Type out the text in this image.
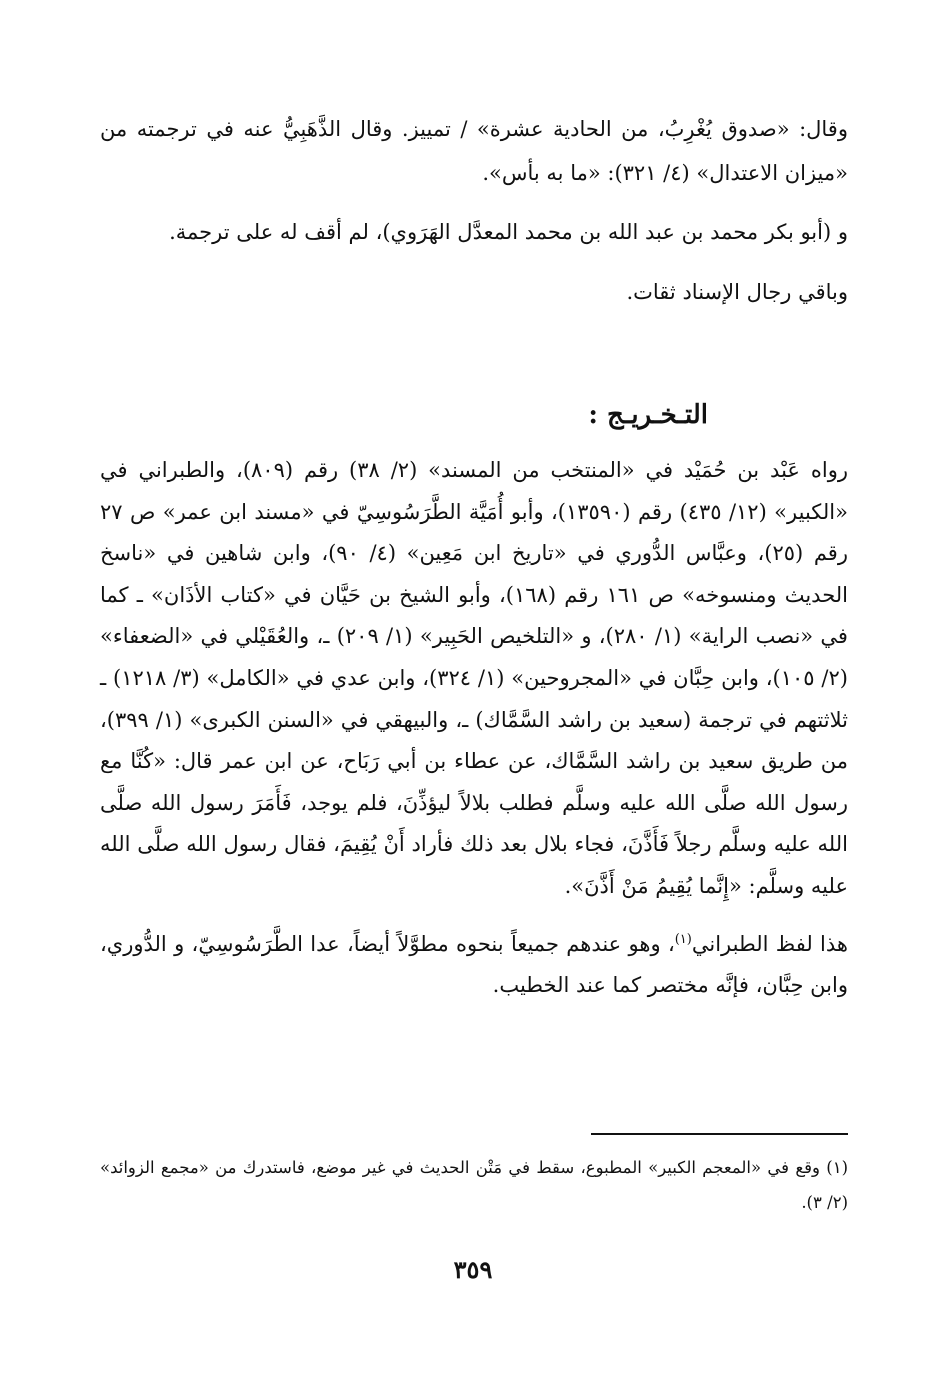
وقال: «صدوق يُغْرِبُ، من الحادية عشرة» / تمييز. وقال الذَّهَبِيُّ عنه في ترجمته من «ميزان الاعتدال» (٤/ ٣٢١): «ما به بأس».

و (أبو بكر محمد بن عبد الله بن محمد المعدَّل الهَرَوي)، لم أقف له على ترجمة.

وباقي رجال الإسناد ثقات.

التـخـريـج :

رواه عَبْد بن حُمَيْد في «المنتخب من المسند» (٢/ ٣٨) رقم (٨٠٩)، والطبراني في «الكبير» (١٢/ ٤٣٥) رقم (١٣٥٩٠)، وأبو أُمَيَّة الطَّرَسُوسِيّ في «مسند ابن عمر» ص ٢٧ رقم (٢٥)، وعبَّاس الدُّوري في «تاريخ ابن مَعِين» (٤/ ٩٠)، وابن شاهين في «ناسخ الحديث ومنسوخه» ص ١٦١ رقم (١٦٨)، وأبو الشيخ بن حَيَّان في «كتاب الأذَان» ـ كما في «نصب الراية» (١/ ٢٨٠)، و «التلخيص الحَبِير» (١/ ٢٠٩) ـ، والعُقَيْلي في «الضعفاء» (٢/ ١٠٥)، وابن حِبَّان في «المجروحين» (١/ ٣٢٤)، وابن عدي في «الكامل» (٣/ ١٢١٨) ـ ثلاثتهم في ترجمة (سعيد بن راشد السَّمَّاك) ـ، والبيهقي في «السنن الكبرى» (١/ ٣٩٩)، من طريق سعيد بن راشد السَّمَّاك، عن عطاء بن أبي رَبَاح، عن ابن عمر قال: «كُنَّا مع رسول الله صلَّى الله عليه وسلَّم فطلب بلالاً ليؤذِّنَ، فلم يوجد، فَأَمَرَ رسول الله صلَّى الله عليه وسلَّم رجلاً فَأَذَّنَ، فجاء بلال بعد ذلك فأراد أَنْ يُقِيمَ، فقال رسول الله صلَّى الله عليه وسلَّم: «إِنَّما يُقِيمُ مَنْ أَذَّنَ».

هذا لفظ الطبراني$^{(١)}$، وهو عندهم جميعاً بنحوه مطوَّلاً أيضاً، عدا الطَّرَسُوسِيّ، و الدُّوري، وابن حِبَّان، فإنَّه مختصر كما عند الخطيب.

(١) وقع في «المعجم الكبير» المطبوع، سقط في مَتْن الحديث في غير موضع، فاستدرك من «مجمع الزوائد» (٢/ ٣).

٣٥٩
